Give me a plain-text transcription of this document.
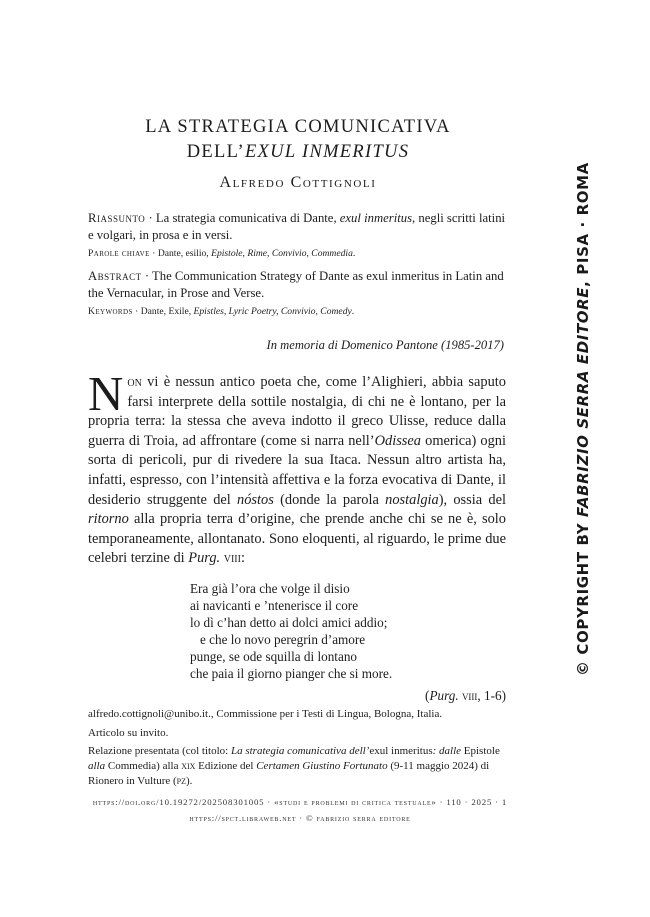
LA STRATEGIA COMUNICATIVA
DELL’EXUL INMERITUS
Alfredo Cottignoli
Riassunto · La strategia comunicativa di Dante, exul inmeritus, negli scritti latini e volgari, in prosa e in versi.
Parole chiave · Dante, esilio, Epistole, Rime, Convivio, Commedia.
Abstract · The Communication Strategy of Dante as exul inmeritus in Latin and the Vernacular, in Prose and Verse.
Keywords · Dante, Exile, Epistles, Lyric Poetry, Convivio, Comedy.
In memoria di Domenico Pantone (1985-2017)

Non vi è nessun antico poeta che, come l’Alighieri, abbia saputo farsi interprete della sottile nostalgia, di chi ne è lontano, per la propria terra: la stessa che aveva indotto il greco Ulisse, reduce dalla guerra di Troia, ad affrontare (come si narra nell’Odissea omerica) ogni sorta di pericoli, pur di rivedere la sua Itaca. Nessun altro artista ha, infatti, espresso, con l’intensità affettiva e la forza evocativa di Dante, il desiderio struggente del nóstos (donde la parola nostalgia), ossia del ritorno alla propria terra d’origine, che prende anche chi se ne è, solo temporaneamente, allontanato. Sono eloquenti, al riguardo, le prime due celebri terzine di Purg. viii:

Era già l’ora che volge il disio
ai navicanti e ’ntenerisce il core
lo dì c’han detto ai dolci amici addio;
e che lo novo peregrin d’amore
punge, se ode squilla di lontano
che paia il giorno pianger che si more.
(Purg. viii, 1-6)
alfredo.cottignoli@unibo.it., Commissione per i Testi di Lingua, Bologna, Italia.
Articolo su invito.
Relazione presentata (col titolo: La strategia comunicativa dell’exul inmeritus: dalle Epistole alla Commedia) alla xix Edizione del Certamen Giustino Fortunato (9-11 maggio 2024) di Rionero in Vulture (pz).
https://doi.org/10.19272/202508301005 · «studi e problemi di critica testuale» · 110 · 2025 · 1
https://spct.libraweb.net · © fabrizio serra editore
© COPYRIGHT BY FABRIZIO SERRA EDITORE, PISA · ROMA
